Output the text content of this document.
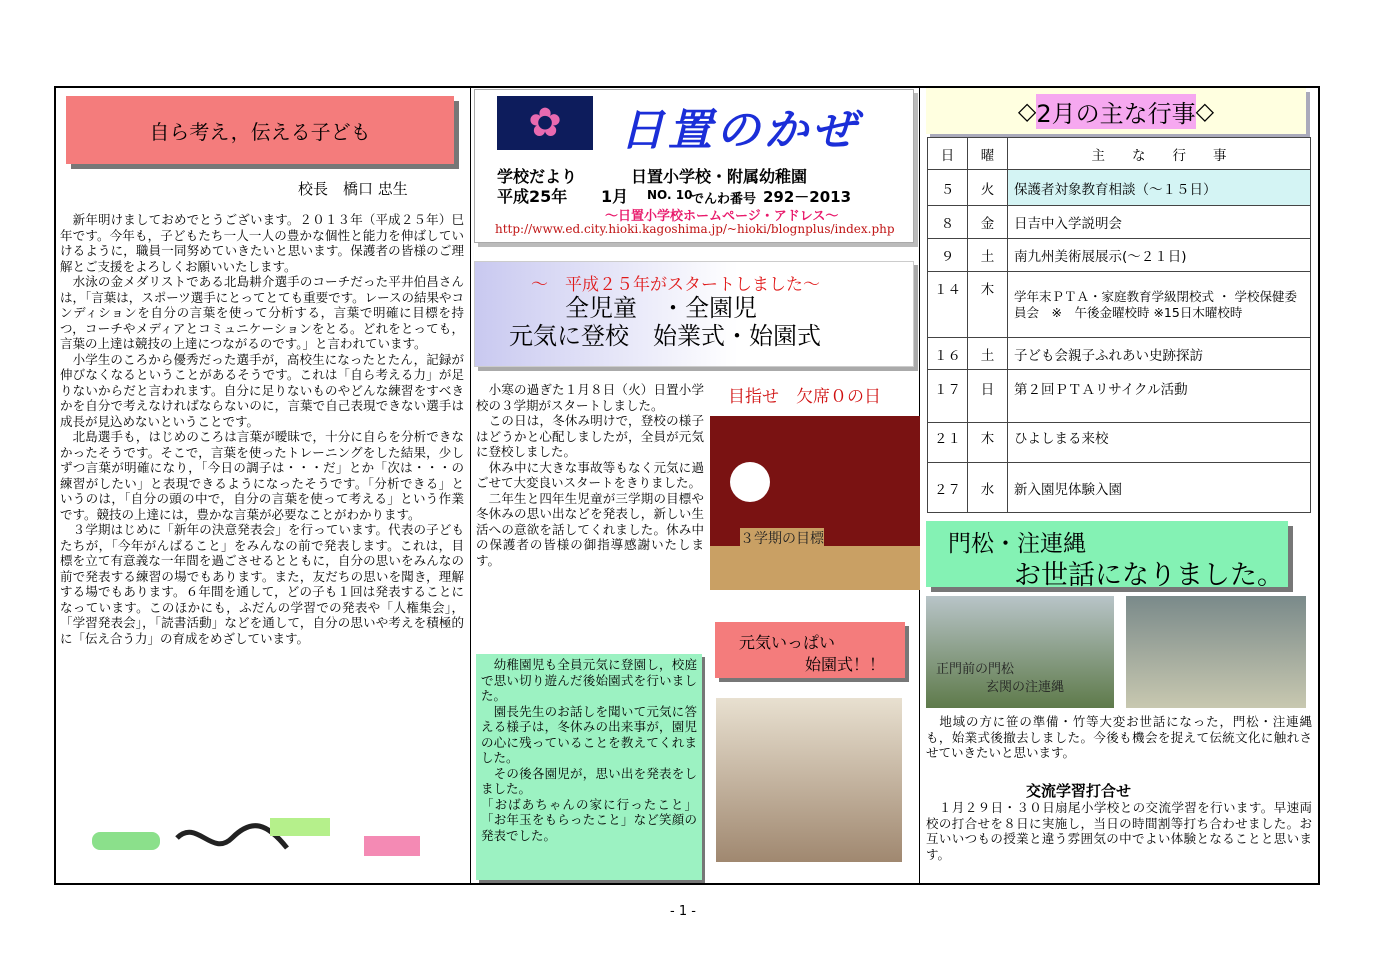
自ら考え，伝える子ども
校長　橋口 忠生

　新年明けましておめでとうございます。２０１３年（平成２５年）巳年です。今年も，子どもたち一人一人の豊かな個性と能力を伸ばしていけるように，職員一同努めていきたいと思います。保護者の皆様のご理解とご支援をよろしくお願いいたします。

　水泳の金メダリストである北島耕介選手のコーチだった平井伯昌さんは，「言葉は，スポーツ選手にとってとても重要です。レースの結果やコンディションを自分の言葉を使って分析する，言葉で明確に目標を持つ，コーチやメディアとコミュニケーションをとる。どれをとっても，言葉の上達は競技の上達につながるのです。」と言われています。

　小学生のころから優秀だった選手が，高校生になったとたん，記録が伸びなくなるということがあるそうです。これは「自ら考える力」が足りないからだと言われます。自分に足りないものやどんな練習をすべきかを自分で考えなければならないのに，言葉で自己表現できない選手は成長が見込めないということです。

　北島選手も，はじめのころは言葉が曖昧で，十分に自らを分析できなかったそうです。そこで，言葉を使ったトレーニングをした結果，少しずつ言葉が明確になり，「今日の調子は・・・だ」とか「次は・・・の練習がしたい」と表現できるようになったそうです。「分析できる」というのは，「自分の頭の中で，自分の言葉を使って考える」という作業です。競技の上達には，豊かな言葉が必要なことがわかります。

　３学期はじめに「新年の決意発表会」を行っています。代表の子どもたちが，「今年がんばること」をみんなの前で発表します。これは，目標を立て有意義な一年間を過ごさせるとともに，自分の思いをみんなの前で発表する練習の場でもあります。また，友だちの思いを聞き，理解する場でもあります。６年間を通して，どの子も１回は発表することになっています。このほかにも，ふだんの学習での発表や「人権集会」，「学習発表会」，「読書活動」などを通して，自分の思いや考えを積極的に「伝え合う力」の育成をめざしています。

✿ 日置のかぜ
学校だより	日置小学校・附属幼稚園
平成25年 1月 NO. 10
でんわ番号 292－2013
～日置小学校ホームページ・アドレス～
http://www.ed.city.hioki.kagoshima.jp/~hioki/blognplus/index.php
～　平成２５年がスタートしました～
全児童　・全園児
元気に登校　始業式・始園式

　小寒の過ぎた１月８日（火）日置小学校の３学期がスタートしました。

　この日は，冬休み明けで，登校の様子はどうかと心配しましたが，全員が元気に登校しました。

　休み中に大きな事故等もなく元気に過ごせて大変良いスタートをきりました。

　二年生と四年生児童が三学期の目標や冬休みの思い出などを発表し，新しい生活への意欲を話してくれました。休み中の保護者の皆様の御指導感謝いたします。

目指せ　欠席０の日
３学期の目標
元気いっぱい
始園式！！

　幼稚園児も全員元気に登園し，校庭で思い切り遊んだ後始園式を行いました。

　園長先生のお話しを聞いて元気に答える様子は，冬休みの出来事が，園児の心に残っていることを教えてくれました。

　その後各園児が，思い出を発表をしました。

「おばあちゃんの家に行ったこと」「お年玉をもらったこと」など笑顔の発表でした。

◇ 2月の主な行事 ◇
日	曜	主　　な　　行　　事
５	火	保護者対象教育相談（～１５日）
８	金	日吉中入学説明会
９	土	南九州美術展展示(～２１日)
１４	木	学年末ＰＴＡ・家庭教育学級閉校式 ・ 学校保健委員会　※　午後金曜校時 ※15日木曜校時
１６	土	子ども会親子ふれあい史跡探訪
１７	日	第２回ＰＴＡリサイクル活動
２１	木	ひよしまる来校
２７	水	新入園児体験入園
門松・注連縄
お世話になりました。
正門前の門松
玄関の注連縄
　地域の方に笹の準備・竹等大変お世話になった，門松・注連縄も，始業式後撤去しました。今後も機会を捉えて伝統文化に触れさせていきたいと思います。
交流学習打合せ
　１月２９日・３０日扇尾小学校との交流学習を行います。早速両校の打合せを８日に実施し，当日の時間割等打ち合わせました。お互いいつもの授業と違う雰囲気の中でよい体験となることと思います。
- 1 -
